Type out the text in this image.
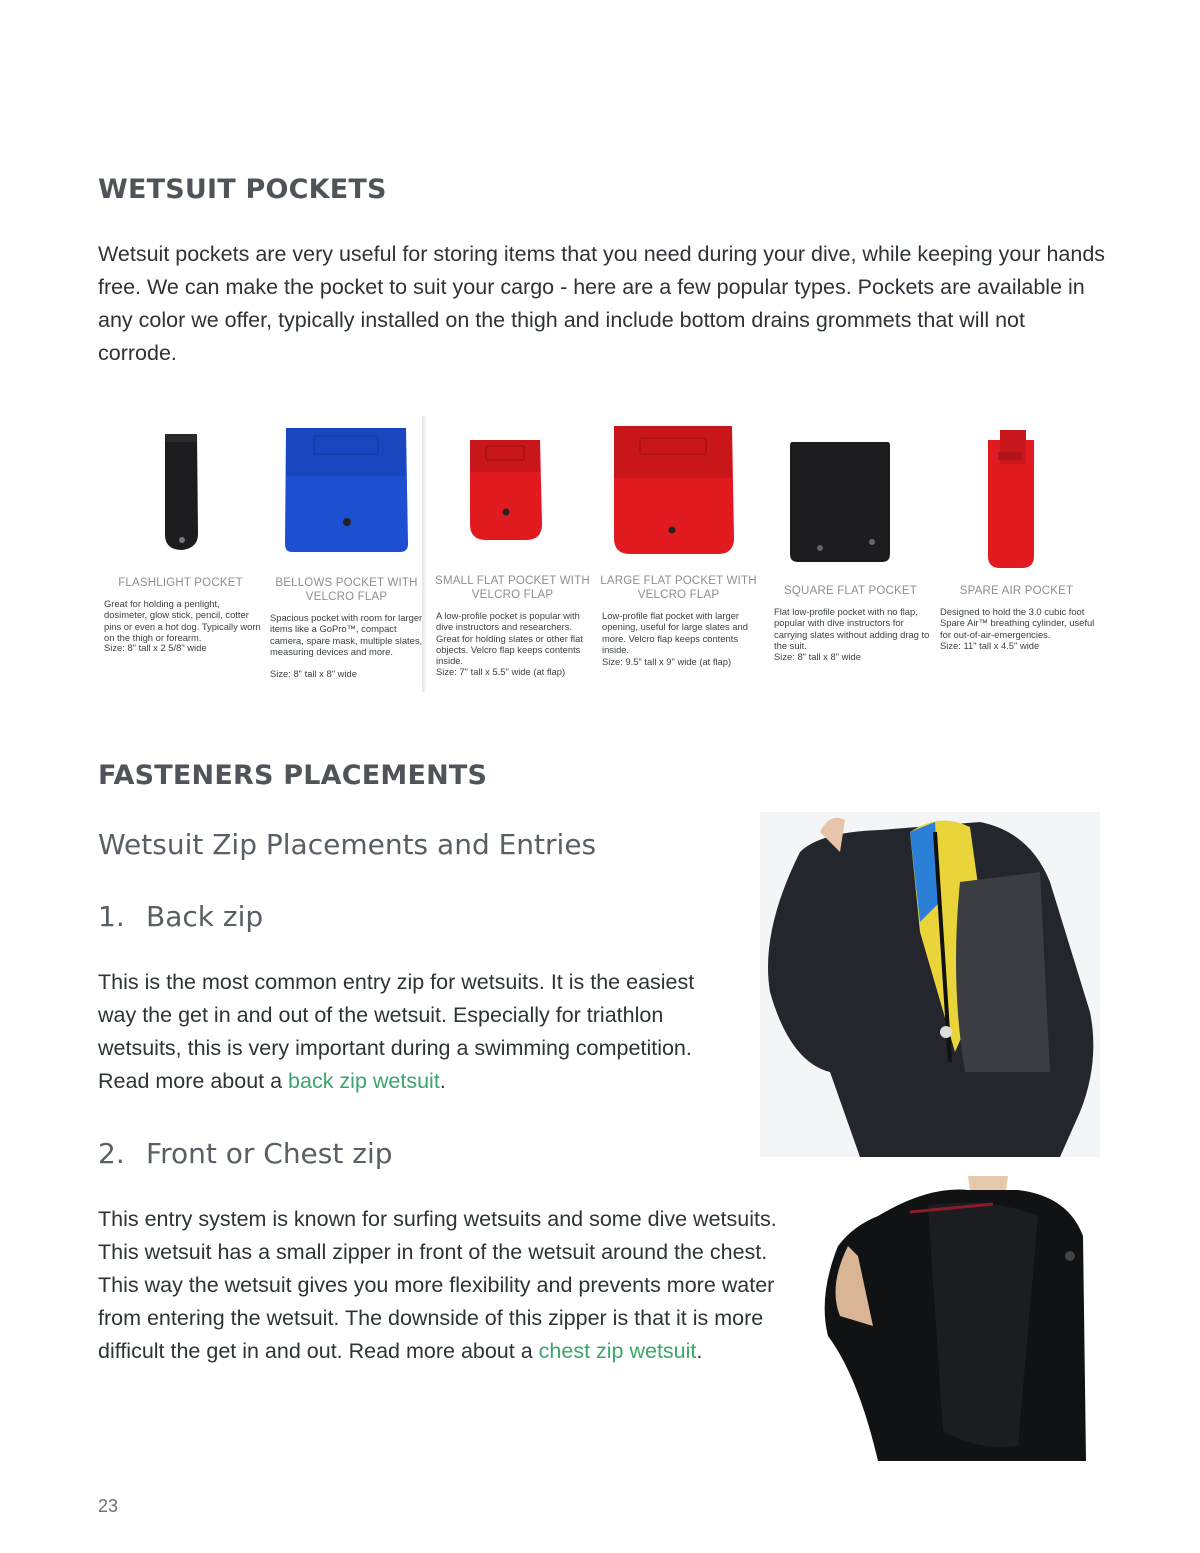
WETSUIT POCKETS

Wetsuit pockets are very useful for storing items that you need during your dive, while keeping your hands free. We can make the pocket to suit your cargo - here are a few popular types. Pockets are available in any color we offer, typically installed on the thigh and include bottom drains grommets that will not corrode.

FLASHLIGHT POCKET
Great for holding a penlight, dosimeter, glow stick, pencil, cotter pins or even a hot dog. Typically worn on the thigh or forearm.
Size: 8" tall x 2 5/8" wide
BELLOWS POCKET WITH VELCRO FLAP
Spacious pocket with room for larger items like a GoPro™, compact camera, spare mask, multiple slates, measuring devices and more.
Size: 8" tall x 8" wide
SMALL FLAT POCKET WITH VELCRO FLAP
A low-profile pocket is popular with dive instructors and researchers. Great for holding slates or other flat objects. Velcro flap keeps contents inside.
Size: 7" tall x 5.5" wide (at flap)
LARGE FLAT POCKET WITH VELCRO FLAP
Low-profile flat pocket with larger opening, useful for large slates and more. Velcro flap keeps contents inside.
Size: 9.5" tall x 9" wide (at flap)
SQUARE FLAT POCKET
Flat low-profile pocket with no flap, popular with dive instructors for carrying slates without adding drag to the suit.
Size: 8" tall x 8" wide
SPARE AIR POCKET
Designed to hold the 3.0 cubic foot Spare Air™ breathing cylinder, useful for out-of-air-emergencies.
Size: 11" tall x 4.5" wide
FASTENERS PLACEMENTS
Wetsuit Zip Placements and Entries
1. Back zip

This is the most common entry zip for wetsuits. It is the easiest way the get in and out of the wetsuit. Especially for triathlon wetsuits, this is very important during a swimming competition. Read more about a back zip wetsuit.

2. Front or Chest zip

This entry system is known for surfing wetsuits and some dive wetsuits. This wetsuit has a small zipper in front of the wetsuit around the chest. This way the wetsuit gives you more flexibility and prevents more water from entering the wetsuit. The downside of this zipper is that it is more difficult the get in and out. Read more about a chest zip wetsuit.

23
